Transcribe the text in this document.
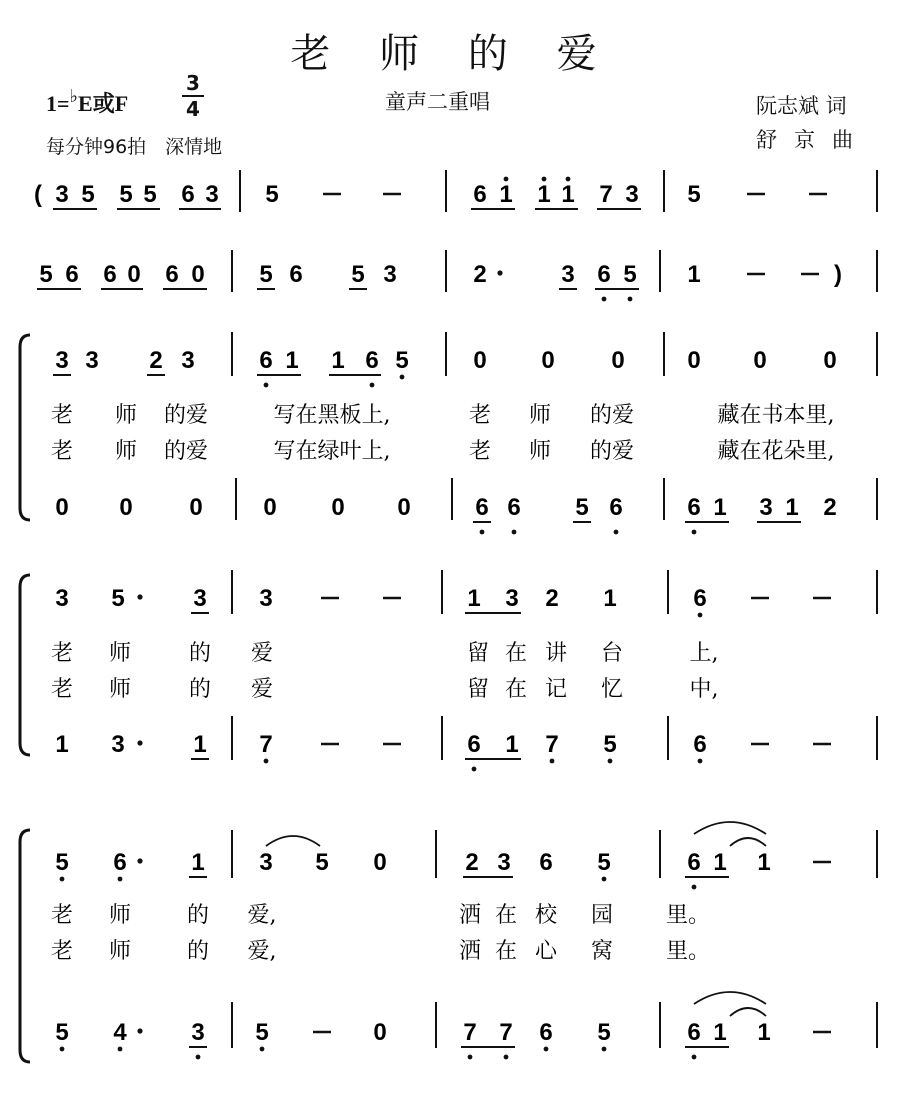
老 师 的 爱
1=♭E或F
3
4	童声二重唱	阮志斌 词
舒京曲
每分钟96拍　深情地
( 3 5 5 5 6 3 5	6 1 1 1 7 3 5
5 6 6 0 6 0 5 6 5 3	2	3 6 5 1	)
3 3 2 3	6 1 1 6 5	0 0 0	0 0 0
老 师 的爱	写在黑板上,	老 师 的爱	藏在书本里,
老 师 的爱	写在绿叶上,	老 师 的爱	藏在花朵里,
0 0 0	0 0 0	6 6 5 6	6 1 3 1 2
3 5	3 3	1 3 2 1	6
老 师	的 爱	留 在 讲 台	上,
老 师	的 爱	留 在 记 忆	中,
1 3	1 7	6 1 7 5	6
5 6	1 3 5 0	2 3 6 5	6 1 1
老 师	的 爱,	洒 在 校 园 里。
老 师	的 爱,	洒 在 心 窝 里。
5 4	3 5	0	7 7 6 5	6 1 1
